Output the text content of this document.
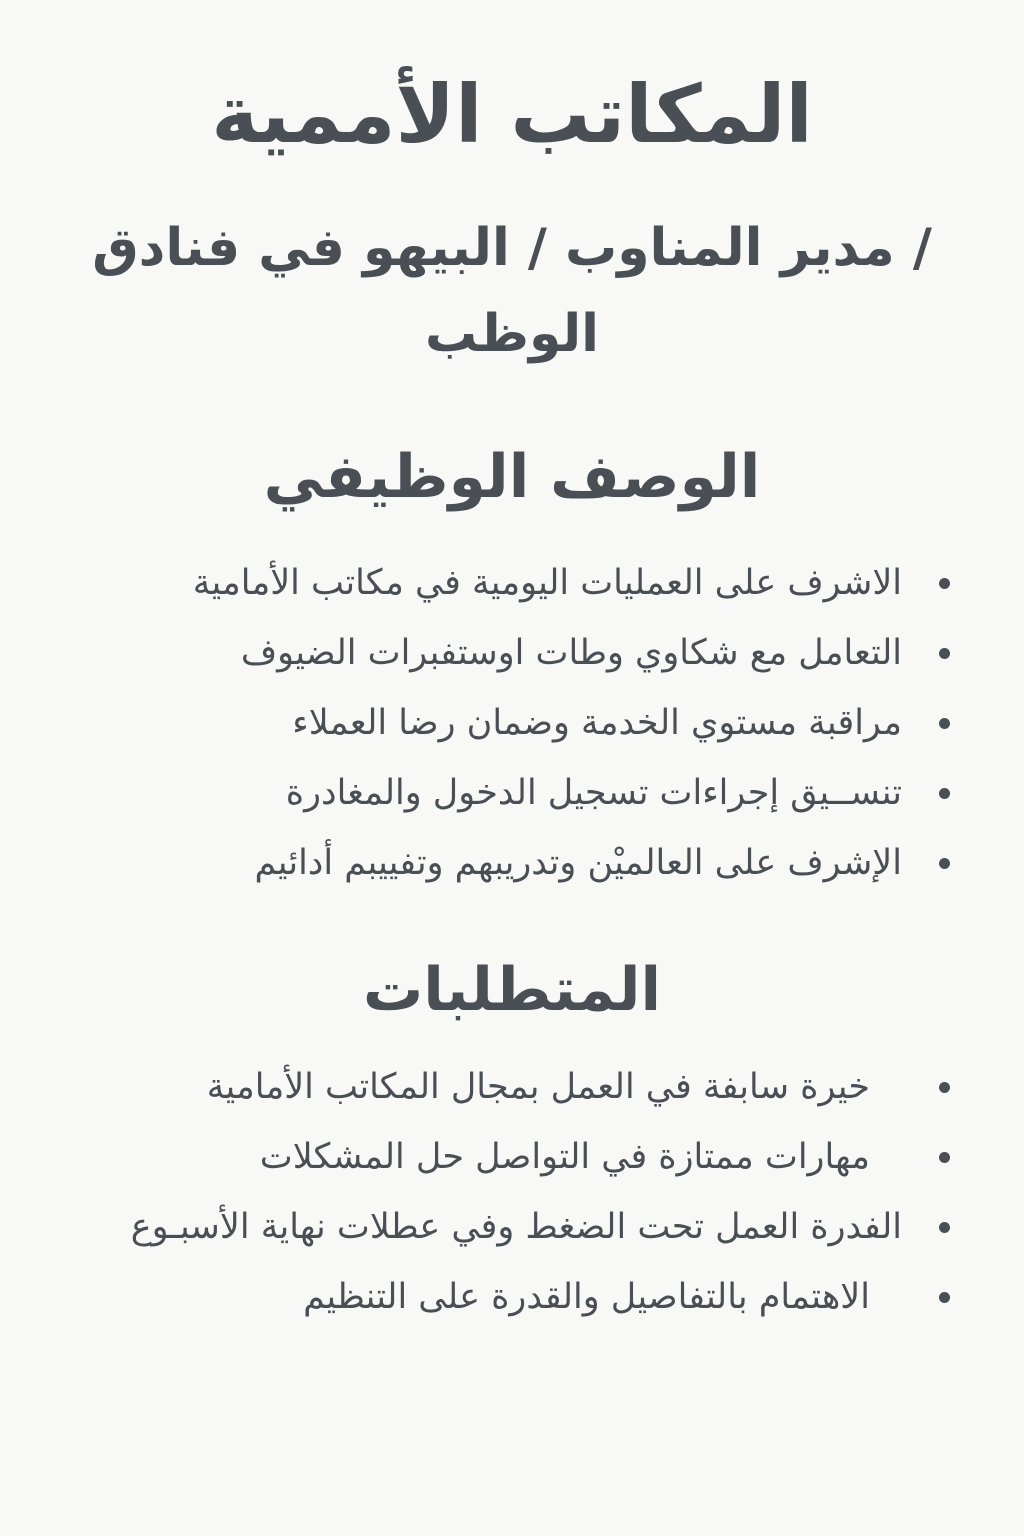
المكاتب الأممية
/ مدير المناوب / البيهو في فنادق الوظب
الوصف الوظيفي
الاشرف على العمليات اليومية في مكاتب الأمامية
التعامل مع شكاوي وطات اوستفبرات الضيوف
مراقبة مستوي الخدمة وضمان رضا العملاء
تنســيق إجراءات تسجيل الدخول والمغادرة
الإشرف على العالميْن وتدريبهم وتفييبم أدائيم
المتطلبات
خيرة سابفة في العمل بمجال المكاتب الأمامية
مهارات ممتازة في التواصل حل المشكلات
الفدرة العمل تحت الضغط وفي عطلات نهاية الأسبـوع
الاهتمام بالتفاصيل والقدرة على التنظيم
